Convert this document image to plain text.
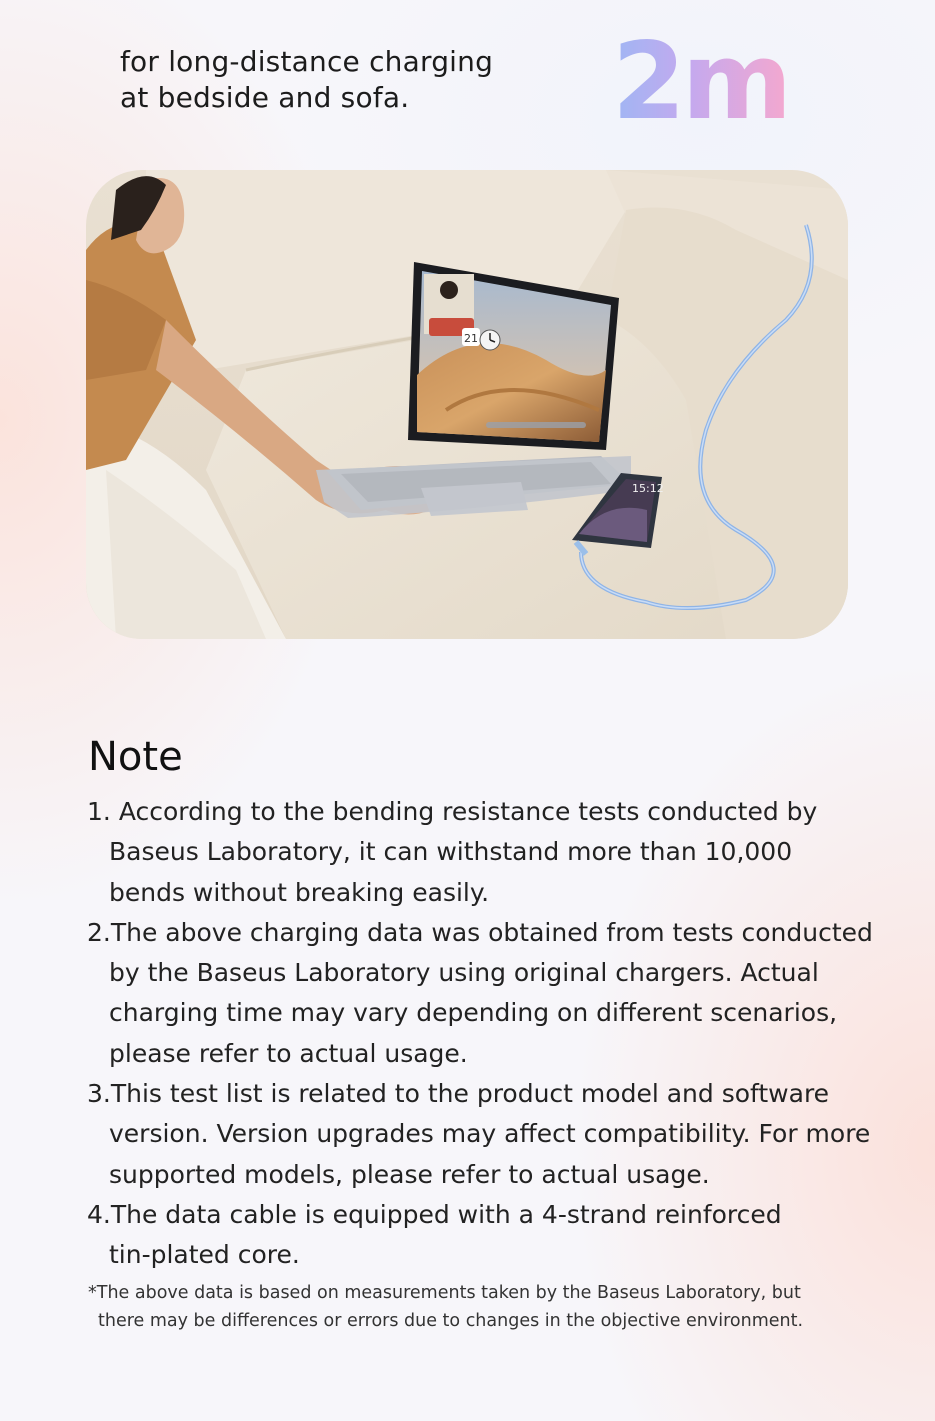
for long-distance charging
at bedside and sofa.	2m
21
15:12
Note
1. According to the bending resistance tests conducted by
Baseus Laboratory, it can withstand more than 10,000
bends without breaking easily.
2.The above charging data was obtained from tests conducted
by the Baseus Laboratory using original chargers. Actual
charging time may vary depending on different scenarios,
please refer to actual usage.
3.This test list is related to the product model and software
version. Version upgrades may affect compatibility. For more
supported models, please refer to actual usage.
4.The data cable is equipped with a 4-strand reinforced
tin-plated core.
*The above data is based on measurements taken by the Baseus Laboratory, but
there may be differences or errors due to changes in the objective environment.
